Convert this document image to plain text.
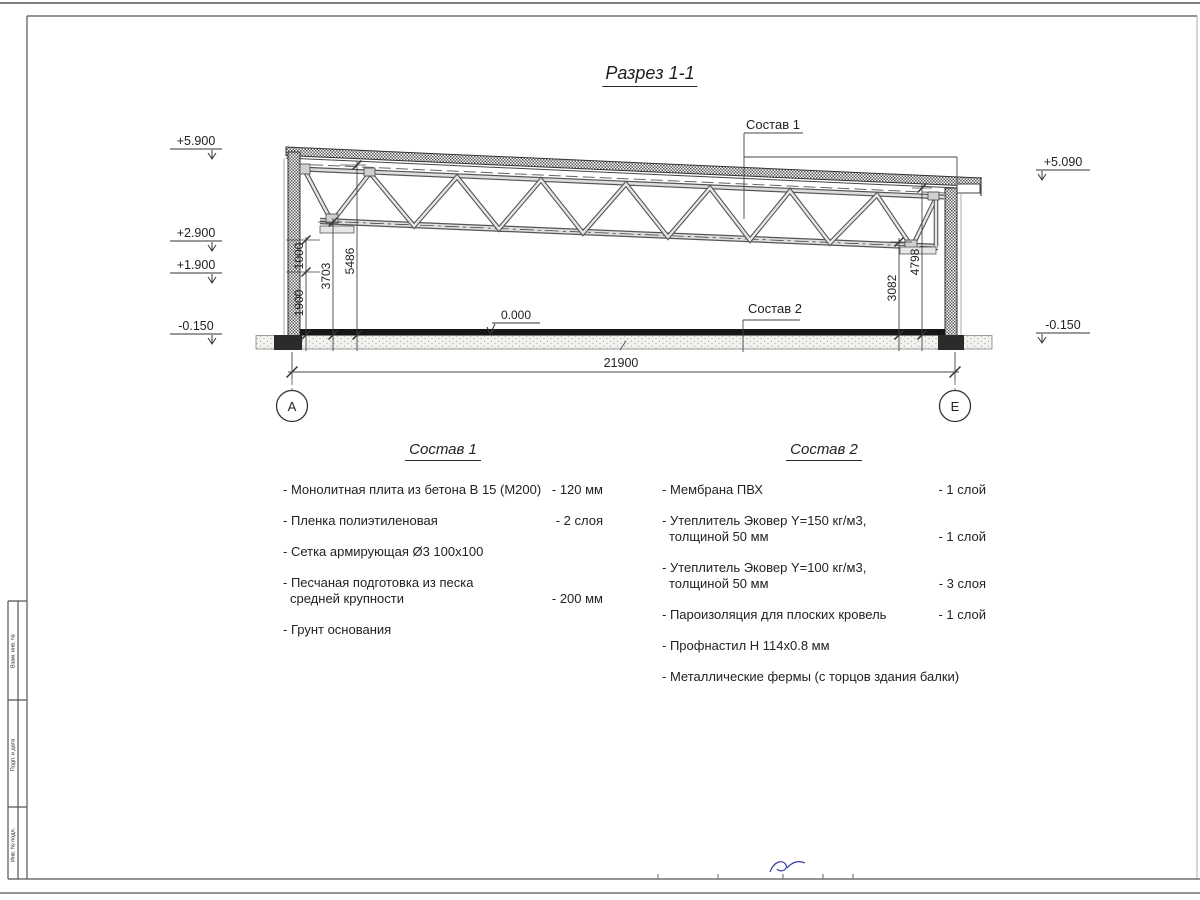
Взам. инв. №
Подп. и дата
Инв. № подл.
1900
1000
3703
5486
3082
4798
21900
+5.900
+2.900
+1.900
-0.150
+5.090
-0.150
0.000
Состав 1
Состав 2
А	Е
Разрез 1-1
Состав 1
- Монолитная плита из бетона В 15 (М200) - 120 мм
- Пленка полиэтиленовая	- 2 слоя
- Сетка армирующая Ø3 100х100
- Песчаная подготовка из песка
средней крупности	- 200 мм
- Грунт основания
Состав 2
- Мембрана ПВХ	- 1 слой
- Утеплитель Эковер Y=150 кг/м3,
толщиной 50 мм	- 1 слой
- Утеплитель Эковер Y=100 кг/м3,
толщиной 50 мм	- 3 слоя
- Пароизоляция для плоских кровель	- 1 слой
- Профнастил Н 114х0.8 мм
- Металлические фермы (с торцов здания балки)
